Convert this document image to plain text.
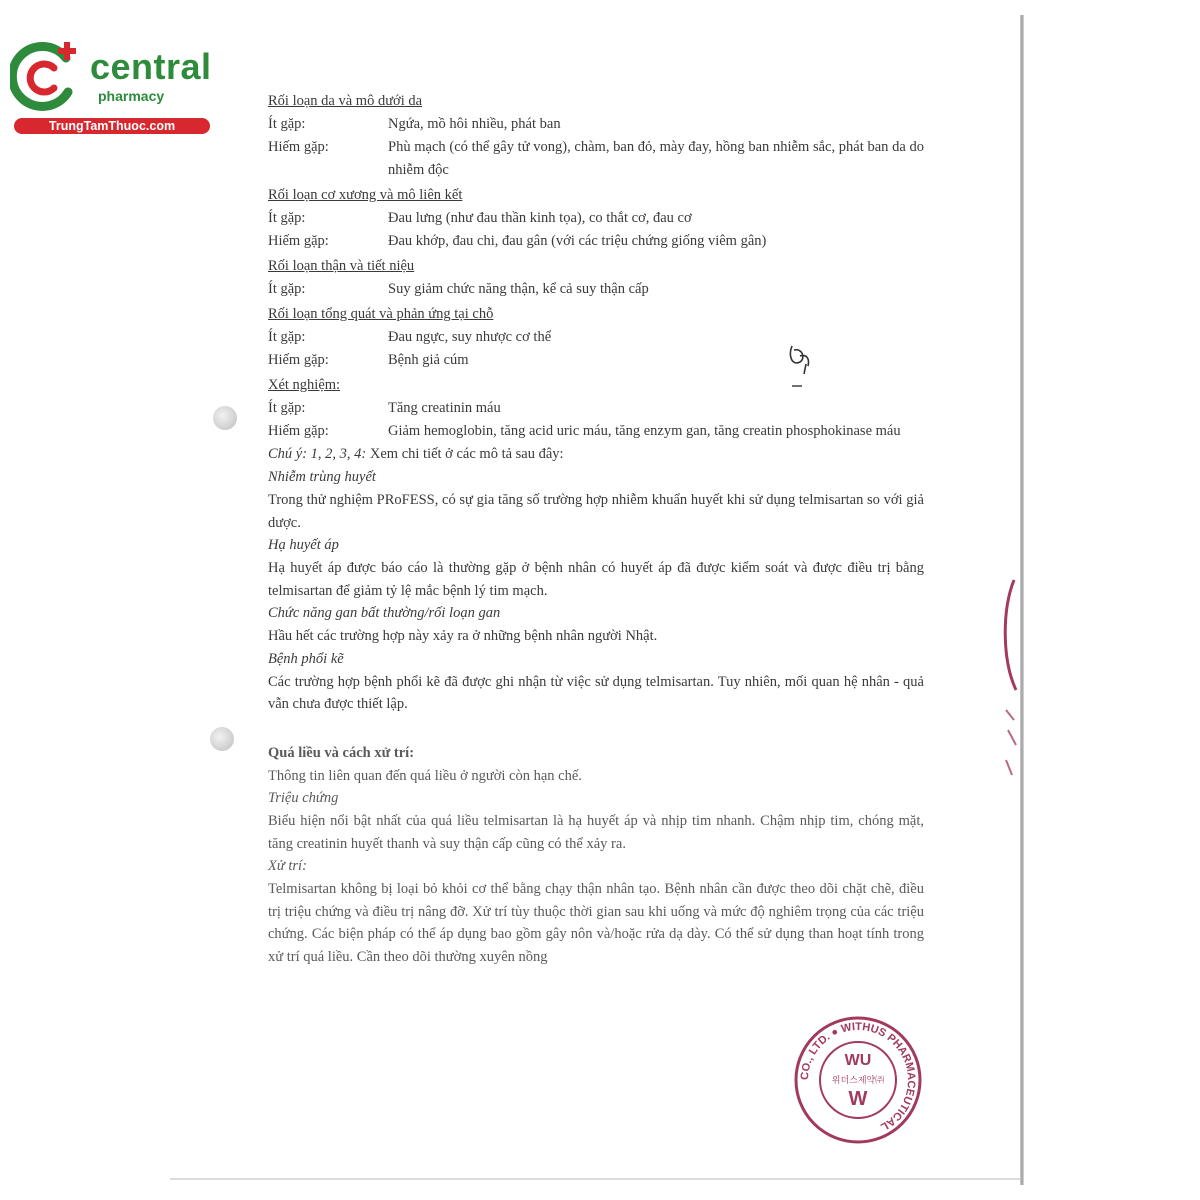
central
pharmacy
TrungTamThuoc.com
Rối loạn da và mô dưới da
Ít gặp:	Ngứa, mồ hôi nhiều, phát ban
Hiếm gặp:	Phù mạch (có thể gây tử vong), chàm, ban đỏ, mày đay, hồng ban nhiễm sắc, phát ban da do nhiễm độc
Rối loạn cơ xương và mô liên kết
Ít gặp:	Đau lưng (như đau thần kinh tọa), co thắt cơ, đau cơ
Hiếm gặp:	Đau khớp, đau chi, đau gân (với các triệu chứng giống viêm gân)
Rối loạn thận và tiết niệu
Ít gặp:	Suy giảm chức năng thận, kể cả suy thận cấp
Rối loạn tổng quát và phản ứng tại chỗ
Ít gặp:	Đau ngực, suy nhược cơ thể
Hiếm gặp:	Bệnh giả cúm
Xét nghiệm:
Ít gặp:	Tăng creatinin máu
Hiếm gặp:	Giảm hemoglobin, tăng acid uric máu, tăng enzym gan, tăng creatin phosphokinase máu
Chú ý: 1, 2, 3, 4: Xem chi tiết ở các mô tả sau đây:
Nhiễm trùng huyết
Trong thử nghiệm PRoFESS, có sự gia tăng số trường hợp nhiễm khuẩn huyết khi sử dụng telmisartan so với giả dược.
Hạ huyết áp
Hạ huyết áp được báo cáo là thường gặp ở bệnh nhân có huyết áp đã được kiểm soát và được điều trị bằng telmisartan để giảm tỷ lệ mắc bệnh lý tim mạch.
Chức năng gan bất thường/rối loạn gan
Hầu hết các trường hợp này xảy ra ở những bệnh nhân người Nhật.
Bệnh phổi kẽ
Các trường hợp bệnh phổi kẽ đã được ghi nhận từ việc sử dụng telmisartan. Tuy nhiên, mối quan hệ nhân - quả vẫn chưa được thiết lập.
Quá liều và cách xử trí:
Thông tin liên quan đến quá liều ở người còn hạn chế.
Triệu chứng
Biểu hiện nổi bật nhất của quá liều telmisartan là hạ huyết áp và nhịp tim nhanh. Chậm nhịp tim, chóng mặt, tăng creatinin huyết thanh và suy thận cấp cũng có thể xảy ra.
Xử trí:
Telmisartan không bị loại bỏ khỏi cơ thể bằng chạy thận nhân tạo. Bệnh nhân cần được theo dõi chặt chẽ, điều trị triệu chứng và điều trị nâng đỡ. Xử trí tùy thuộc thời gian sau khi uống và mức độ nghiêm trọng của các triệu chứng. Các biện pháp có thể áp dụng bao gồm gây nôn và/hoặc rửa dạ dày. Có thể sử dụng than hoạt tính trong xử trí quá liều. Cần theo dõi thường xuyên nồng
CO., LTD. ● WITHUS PHARMACEUTICAL
WU
위더스제약㈜
W
